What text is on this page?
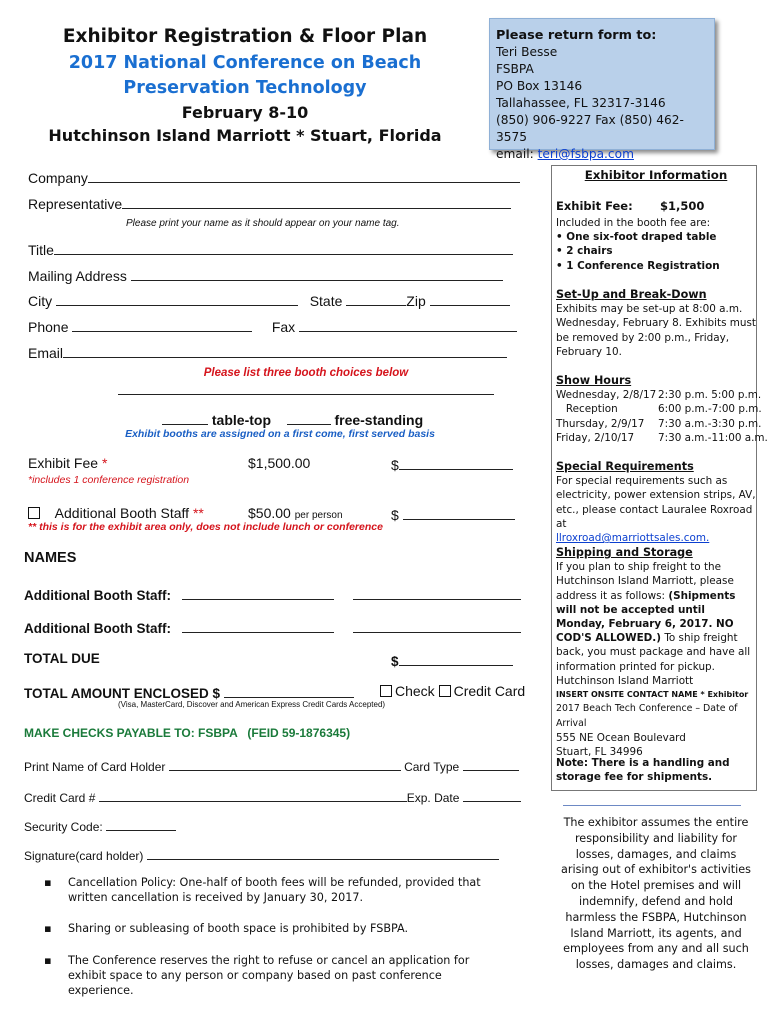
Exhibitor Registration & Floor Plan
2017 National Conference on Beach
Preservation Technology
February 8-10
Hutchinson Island Marriott * Stuart, Florida
Please return form to:
Teri Besse
FSBPA
PO Box 13146
Tallahassee, FL 32317-3146
(850) 906-9227 Fax (850) 462-3575
email: teri@fsbpa.com
Company
Representative
Please print your name as it should appear on your name tag.
Title
Mailing Address
City	State	Zip
Phone	Fax
Email
Please list three booth choices below
table-top	free-standing
Exhibit booths are assigned on a first come, first served basis
Exhibit Fee *	$1,500.00	$
*includes 1 conference registration
Additional Booth Staff **	$50.00 per person	$
** this is for the exhibit area only, does not include lunch or conference
NAMES
Additional Booth Staff:
Additional Booth Staff:
TOTAL DUE	$
TOTAL AMOUNT ENCLOSED $	Check Credit Card
(Visa, MasterCard, Discover and American Express Credit Cards Accepted)
MAKE CHECKS PAYABLE TO: FSBPA   (FEID 59-1876345)
Print Name of Card Holder	Card Type
Credit Card #	Exp. Date
Security Code:
Signature(card holder)
▪ Cancellation Policy: One-half of booth fees will be refunded, provided that written cancellation is received by January 30, 2017.
▪ Sharing or subleasing of booth space is prohibited by FSBPA.
▪ The Conference reserves the right to refuse or cancel an application for exhibit space to any person or company based on past conference experience.
Exhibitor Information
Exhibit Fee: $1,500
Included in the booth fee are:
• One six-foot draped table
• 2 chairs
• 1 Conference Registration
Set-Up and Break-Down
Exhibits may be set-up at 8:00 a.m. Wednesday, February 8. Exhibits must be removed by 2:00 p.m., Friday, February 10.
Show Hours
Wednesday, 2/8/17 2:30 p.m. 5:00 p.m.
Reception	6:00 p.m.-7:00 p.m.
Thursday, 2/9/17 7:30 a.m.-3:30 p.m.
Friday, 2/10/17 7:30 a.m.-11:00 a.m.
Special Requirements
For special requirements such as electricity, power extension strips, AV, etc., please contact Lauralee Roxroad at
llroxroad@marriottsales.com.
Shipping and Storage
If you plan to ship freight to the Hutchinson Island Marriott, please address it as follows: (Shipments will not be accepted until Monday, February 6, 2017. NO COD'S ALLOWED.) To ship freight back, you must package and have all information printed for pickup.
Hutchinson Island Marriott
INSERT ONSITE CONTACT NAME * Exhibitor
2017 Beach Tech Conference – Date of Arrival
555 NE Ocean Boulevard
Stuart, FL 34996
Note: There is a handling and storage fee for shipments.
The exhibitor assumes the entire responsibility and liability for losses, damages, and claims arising out of exhibitor's activities on the Hotel premises and will indemnify, defend and hold harmless the FSBPA, Hutchinson Island Marriott, its agents, and employees from any and all such losses, damages and claims.
